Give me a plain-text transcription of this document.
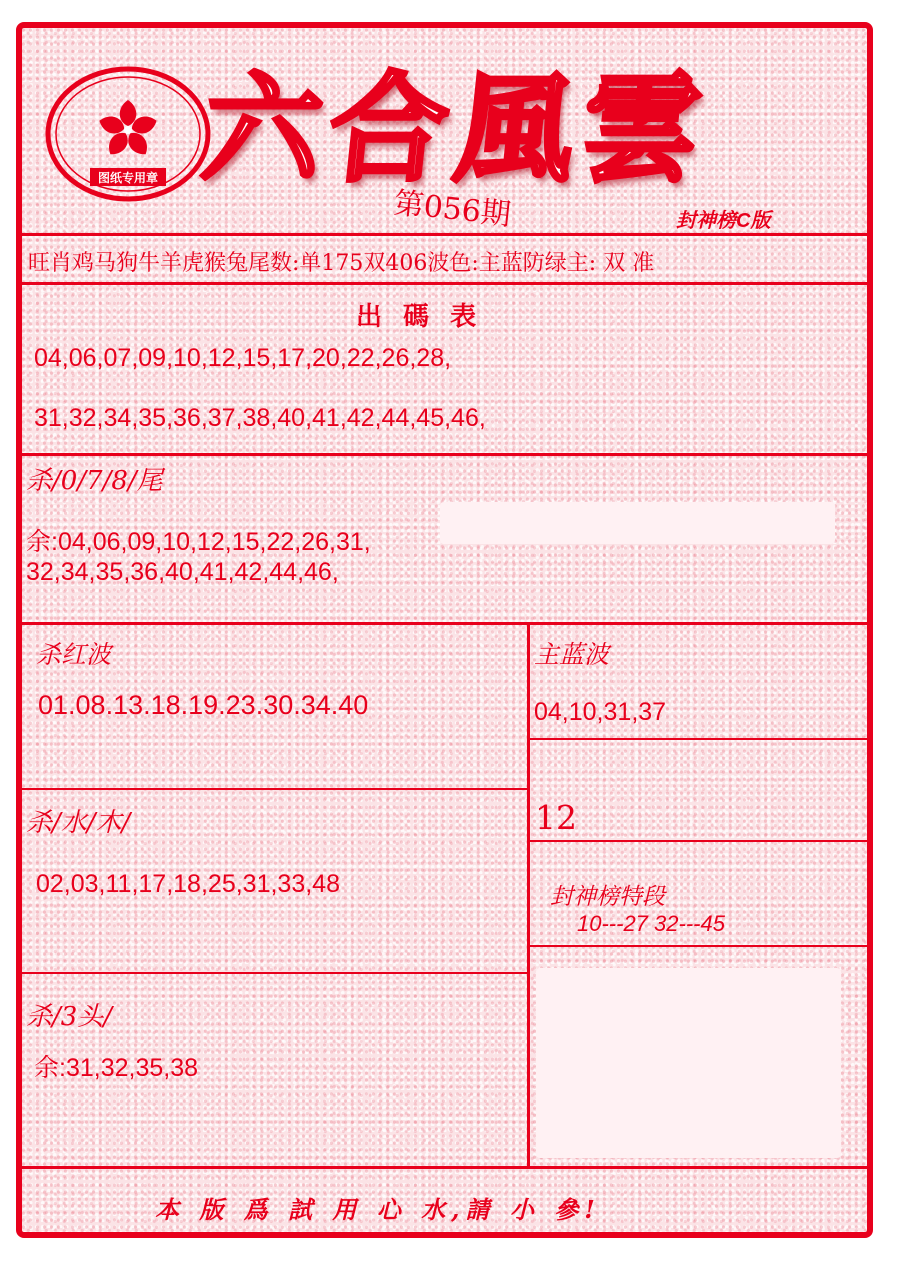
图纸专用章 六合風雲
第056期	封神榜C版
旺肖鸡马狗牛羊虎猴兔尾数:单175双406波色:主蓝防绿主: 双 准
出 碼 表
04,06,07,09,10,12,15,17,20,22,26,28,
31,32,34,35,36,37,38,40,41,42,44,45,46,
杀/0/7/8/尾
余:04,06,09,10,12,15,22,26,31,
32,34,35,36,40,41,42,44,46,
杀红波
01.08.13.18.19.23.30.34.40
主蓝波
04,10,31,37
杀/水/木/
02,03,11,17,18,25,31,33,48
12
封神榜特段
10---27 32---45
杀/3头/
余:31,32,35,38
本 版 爲 試 用 心 水,請 小 參!
